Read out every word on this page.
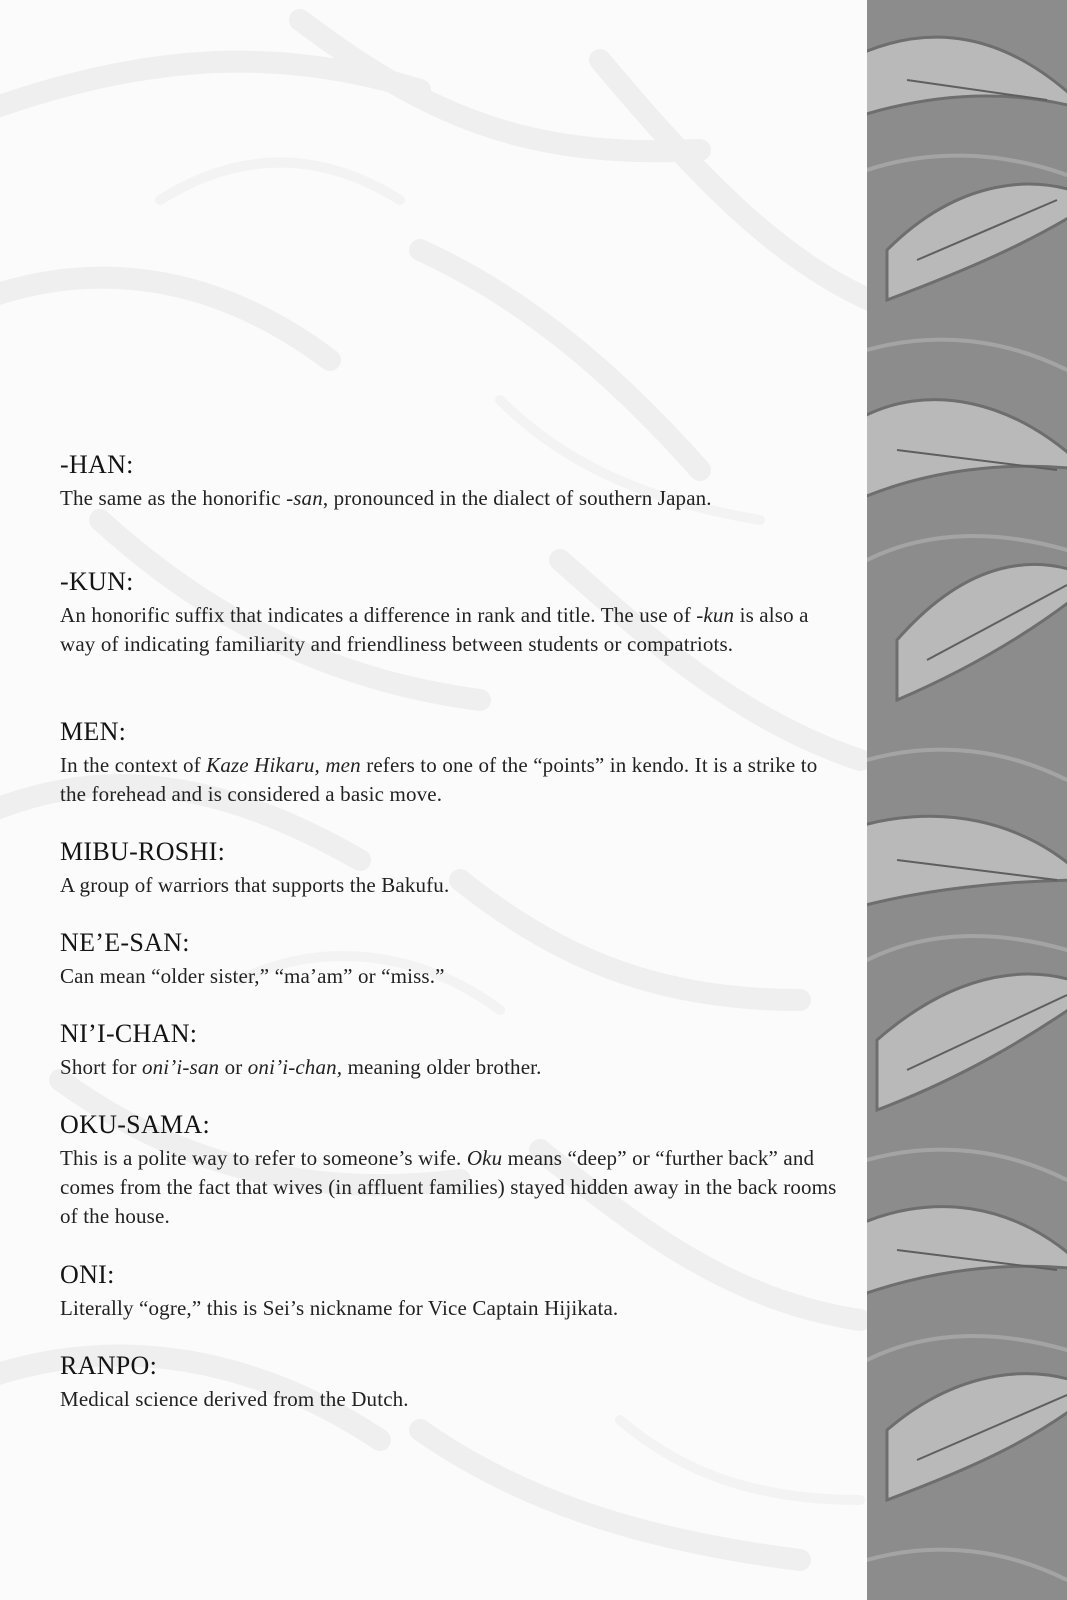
-HAN:

The same as the honorific -san, pronounced in the dialect of southern Japan.

-KUN:

An honorific suffix that indicates a difference in rank and title. The use of -kun is also a way of indicating familiarity and friendliness between students or compatriots.

MEN:

In the context of Kaze Hikaru, men refers to one of the “points” in kendo. It is a strike to the forehead and is considered a basic move.

MIBU-ROSHI:

A group of warriors that supports the Bakufu.

NE’E-SAN:

Can mean “older sister,” “ma’am” or “miss.”

NI’I-CHAN:

Short for oni’i-san or oni’i-chan, meaning older brother.

OKU-SAMA:

This is a polite way to refer to someone’s wife. Oku means “deep” or “further back” and comes from the fact that wives (in affluent families) stayed hidden away in the back rooms of the house.

ONI:

Literally “ogre,” this is Sei’s nickname for Vice Captain Hijikata.

RANPO:

Medical science derived from the Dutch.
